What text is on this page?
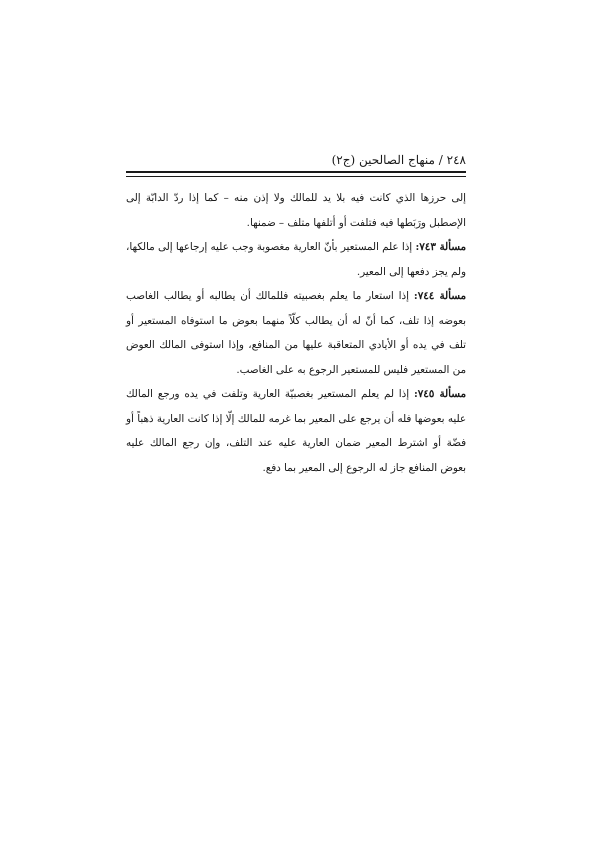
٢٤٨ / منهاج الصالحين (ج٢)

إلى حرزها الذي كانت فيه بلا يد للمالك ولا إذن منه – كما إذا ردّ الدابّة إلى الإصطبل ورَبَطها فيه فتلفت أو أتلفها متلف – ضمنها.

مسألة ٧٤٣: إذا علم المستعير بأنّ العارية مغصوبة وجب عليه إرجاعها إلى مالكها، ولم يجز دفعها إلى المعير.

مسألة ٧٤٤: إذا استعار ما يعلم بغصبيته فللمالك أن يطالبه أو يطالب الغاصب بعوضه إذا تلف، كما أنّ له أن يطالب كلّاً منهما بعوض ما استوفاه المستعير أو تلف في يده أو الأيادي المتعاقبة عليها من المنافع، وإذا استوفى المالك العوض من المستعير فليس للمستعير الرجوع به على الغاصب.

مسألة ٧٤٥: إذا لم يعلم المستعير بغصبيّة العارية وتلفت في يده ورجع المالك عليه بعوضها فله أن يرجع على المعير بما غرمه للمالك إلّا إذا كانت العارية ذهباً أو فضّة أو اشترط المعير ضمان العارية عليه عند التلف، وإن رجع المالك عليه بعوض المنافع جاز له الرجوع إلى المعير بما دفع.
